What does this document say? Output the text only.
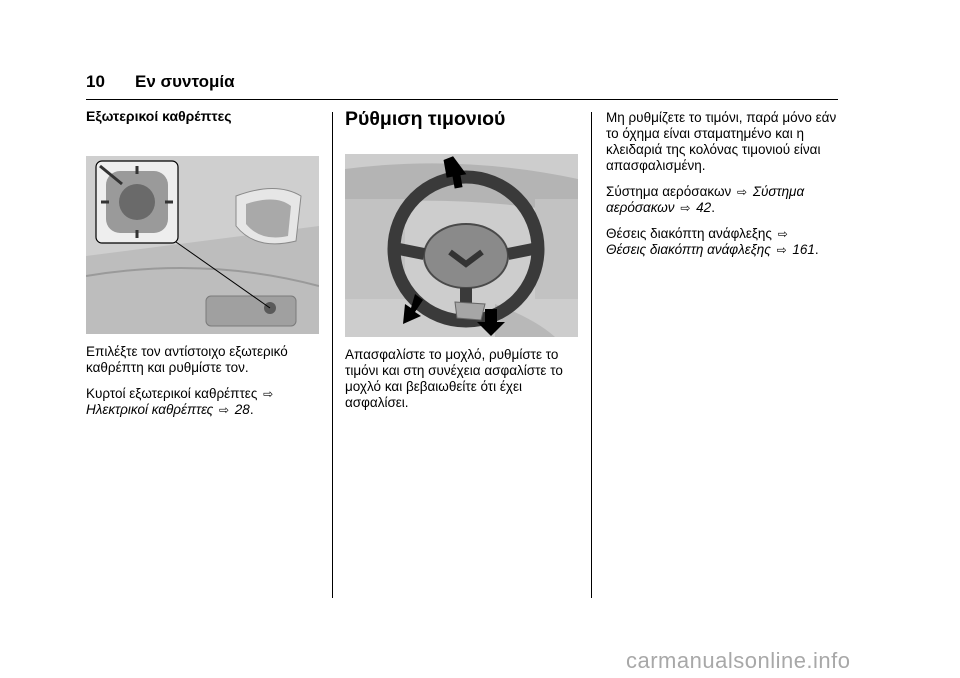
10 Εν συντομία
Εξωτερικοί καθρέπτες

Επιλέξτε τον αντίστοιχο εξωτερικό καθρέπτη και ρυθμίστε τον.

Κυρτοί εξωτερικοί καθρέπτες ⇨
Ηλεκτρικοί καθρέπτες ⇨ 28.

Ρύθμιση τιμονιού

Απασφαλίστε το μοχλό, ρυθμίστε το τιμόνι και στη συνέχεια ασφαλίστε το μοχλό και βεβαιωθείτε ότι έχει ασφαλίσει.

Μη ρυθμίζετε το τιμόνι, παρά μόνο εάν το όχημα είναι σταματημένο και η κλειδαριά της κολόνας τιμονιού είναι απασφαλισμένη.

Σύστημα αερόσακων ⇨ Σύστημα
αερόσακων ⇨ 42.

Θέσεις διακόπτη ανάφλεξης ⇨
Θέσεις διακόπτη ανάφλεξης ⇨ 161.

carmanualsonline.info
